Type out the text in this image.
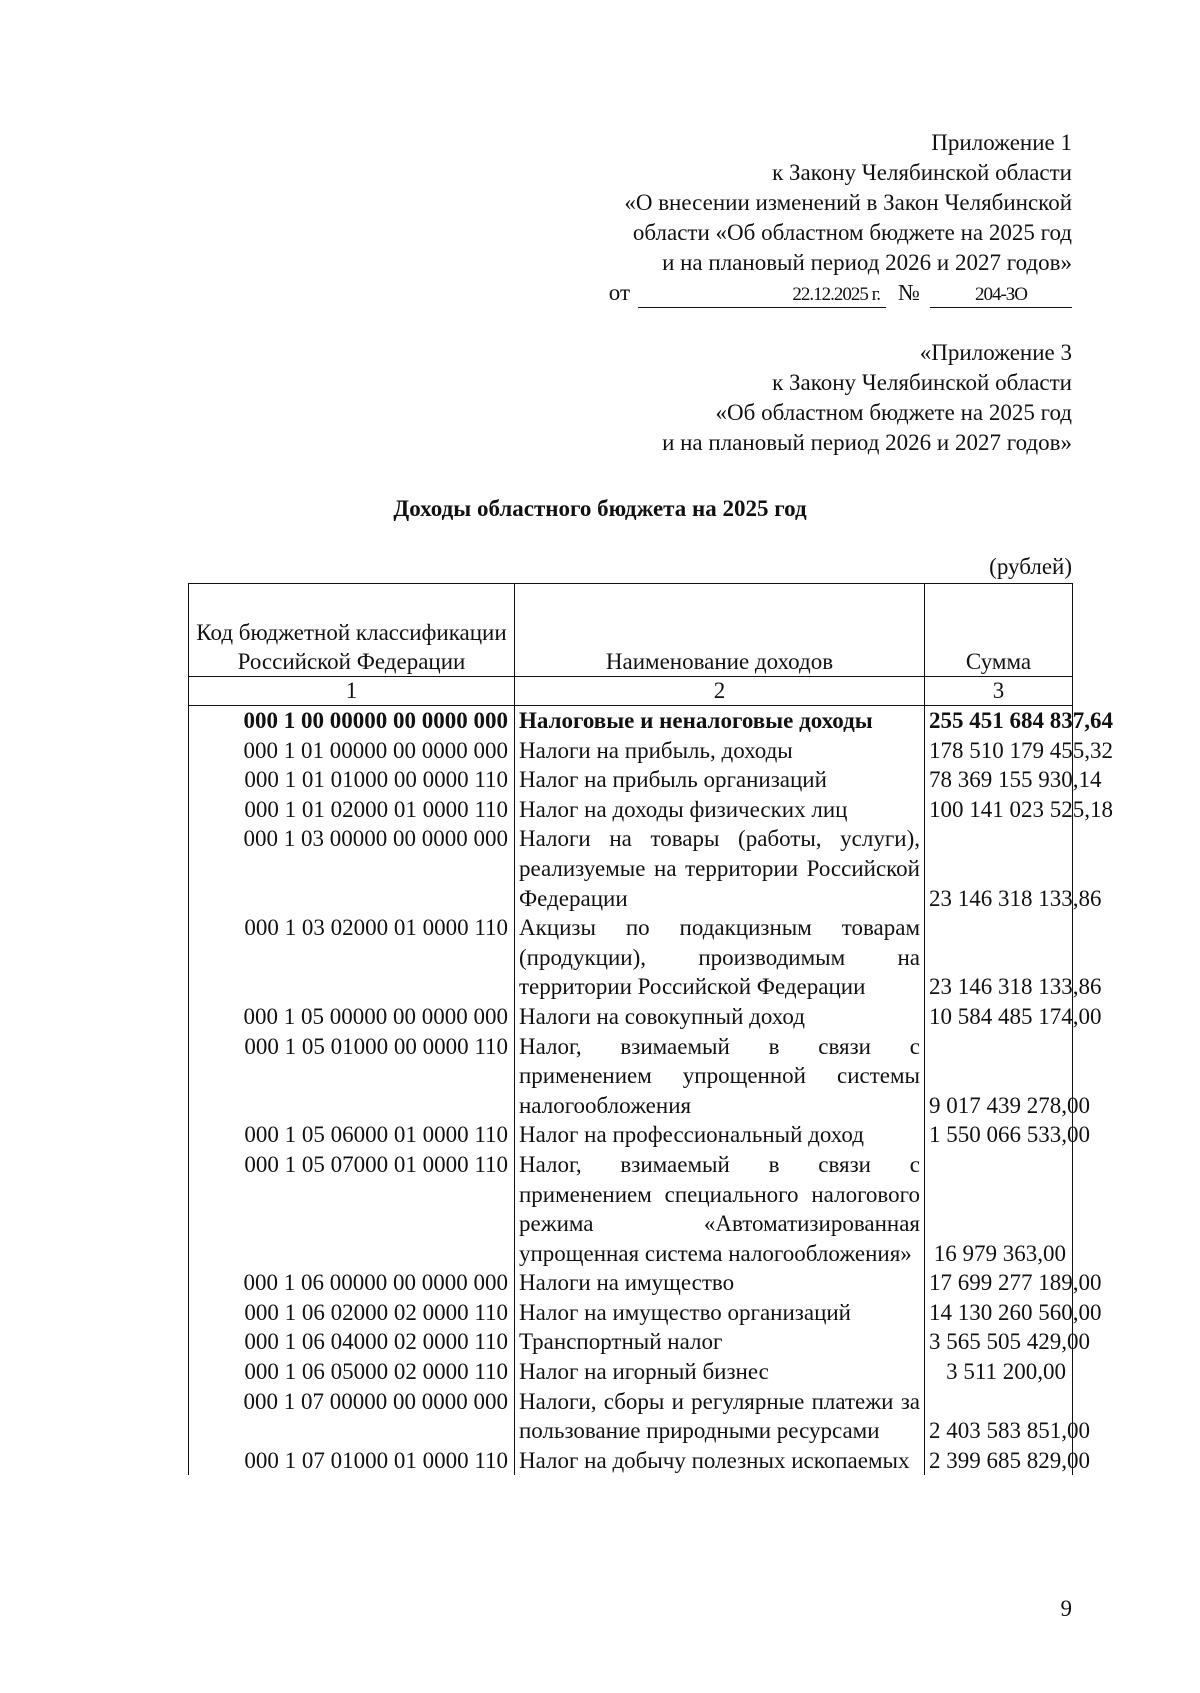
Приложение 1
к Закону Челябинской области
«О внесении изменений в Закон Челябинской
области «Об областном бюджете на 2025 год
и на плановый период 2026 и 2027 годов»
от	22.12.2025 г. №	204-ЗО
«Приложение 3
к Закону Челябинской области
«Об областном бюджете на 2025 год
и на плановый период 2026 и 2027 годов»
Доходы областного бюджета на 2025 год
(рублей)
Код бюджетной классификации Российской Федерации	Наименование доходов	Сумма
1	2	3
000 1 00 00000 00 0000 000	Налоговые и неналоговые доходы	255 451 684 837,64
000 1 01 00000 00 0000 000	Налоги на прибыль, доходы	178 510 179 455,32
000 1 01 01000 00 0000 110	Налог на прибыль организаций	78 369 155 930,14
000 1 01 02000 01 0000 110	Налог на доходы физических лиц	100 141 023 525,18
000 1 03 00000 00 0000 000	Налоги на товары (работы, услуги), реализуемые на территории Российской Федерации	23 146 318 133,86
000 1 03 02000 01 0000 110	Акцизы по подакцизным товарам (продукции), производимым на территории Российской Федерации	23 146 318 133,86
000 1 05 00000 00 0000 000	Налоги на совокупный доход	10 584 485 174,00
000 1 05 01000 00 0000 110	Налог, взимаемый в связи с применением упрощенной системы налогообложения	9 017 439 278,00
000 1 05 06000 01 0000 110	Налог на профессиональный доход	1 550 066 533,00
000 1 05 07000 01 0000 110	Налог, взимаемый в связи с применением специального налогового режима «Автоматизированная упрощенная система налогообложения»	16 979 363,00
000 1 06 00000 00 0000 000	Налоги на имущество	17 699 277 189,00
000 1 06 02000 02 0000 110	Налог на имущество организаций	14 130 260 560,00
000 1 06 04000 02 0000 110	Транспортный налог	3 565 505 429,00
000 1 06 05000 02 0000 110	Налог на игорный бизнес	3 511 200,00
000 1 07 00000 00 0000 000	Налоги, сборы и регулярные платежи за пользование природными ресурсами	2 403 583 851,00
000 1 07 01000 01 0000 110	Налог на добычу полезных ископаемых	2 399 685 829,00
9
